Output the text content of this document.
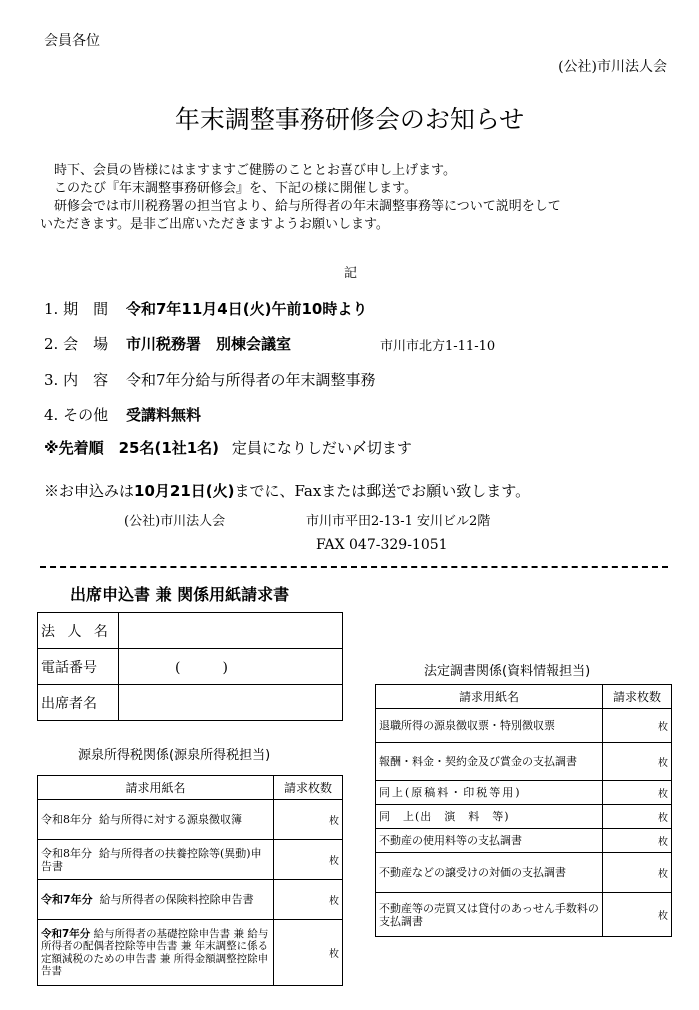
会員各位
(公社)市川法人会
年末調整事務研修会のお知らせ
時下、会員の皆様にはますますご健勝のこととお喜び申し上げます。
このたび『年末調整事務研修会』を、下記の様に開催します。
研修会では市川税務署の担当官より、給与所得者の年末調整事務等について説明をして
いただきます。是非ご出席いただきますようお願いします。
記
1. 期　間 令和7年11月4日(火)午前10時より
2. 会　場 市川税務署　別棟会議室	市川市北方1-11-10
3. 内　容 令和7年分給与所得者の年末調整事務
4. その他 受講料無料
※先着順　25名(1社1名) 定員になりしだい〆切ます
※お申込みは10月21日(火)までに、Faxまたは郵送でお願い致します。
(公社)市川法人会	市川市平田2-13-1 安川ビル2階
FAX 047-329-1051
出席申込書 兼 関係用紙請求書
法 人 名	
電話番号	(　　　)
出席者名	
源泉所得税関係(源泉所得税担当)
請求用紙名	請求枚数
令和8年分 給与所得に対する源泉徴収簿	枚
令和8年分 給与所得者の扶養控除等(異動)申告書	枚
令和7年分 給与所得者の保険料控除申告書	枚
令和7年分 給与所得者の基礎控除申告書 兼 給与所得者の配偶者控除等申告書 兼 年末調整に係る定額減税のための申告書 兼 所得金額調整控除申告書	枚
法定調書関係(資料情報担当)
請求用紙名	請求枚数
退職所得の源泉徴収票・特別徴収票	枚
報酬・料金・契約金及び賞金の支払調書	枚
同上(原稿料・印税等用)	枚
同　上(出　演　料　等)	枚
不動産の使用料等の支払調書	枚
不動産などの譲受けの対価の支払調書	枚
不動産等の売買又は貸付のあっせん手数料の支払調書	枚
